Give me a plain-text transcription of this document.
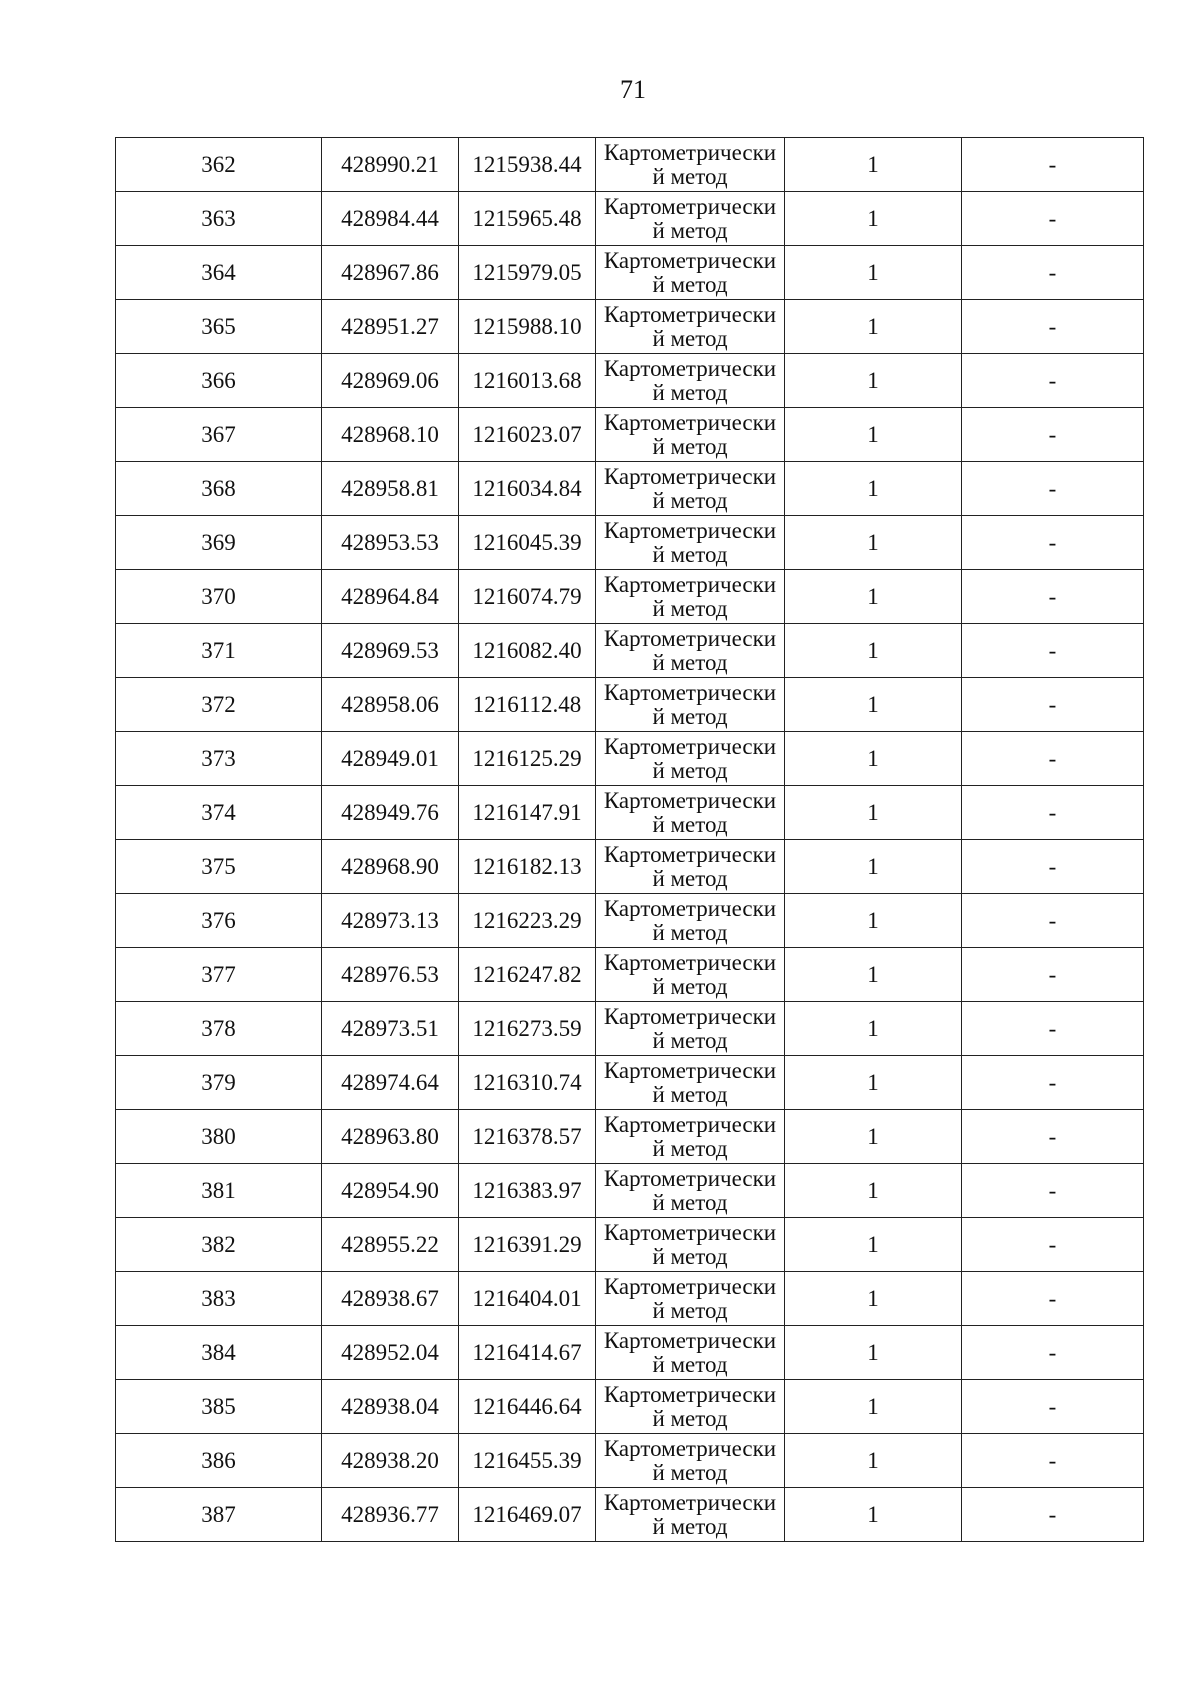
71
362	428990.21	1215938.44	Картометрически
й метод	1	-
363	428984.44	1215965.48	Картометрически
й метод	1	-
364	428967.86	1215979.05	Картометрически
й метод	1	-
365	428951.27	1215988.10	Картометрически
й метод	1	-
366	428969.06	1216013.68	Картометрически
й метод	1	-
367	428968.10	1216023.07	Картометрически
й метод	1	-
368	428958.81	1216034.84	Картометрически
й метод	1	-
369	428953.53	1216045.39	Картометрически
й метод	1	-
370	428964.84	1216074.79	Картометрически
й метод	1	-
371	428969.53	1216082.40	Картометрически
й метод	1	-
372	428958.06	1216112.48	Картометрически
й метод	1	-
373	428949.01	1216125.29	Картометрически
й метод	1	-
374	428949.76	1216147.91	Картометрически
й метод	1	-
375	428968.90	1216182.13	Картометрически
й метод	1	-
376	428973.13	1216223.29	Картометрически
й метод	1	-
377	428976.53	1216247.82	Картометрически
й метод	1	-
378	428973.51	1216273.59	Картометрически
й метод	1	-
379	428974.64	1216310.74	Картометрически
й метод	1	-
380	428963.80	1216378.57	Картометрически
й метод	1	-
381	428954.90	1216383.97	Картометрически
й метод	1	-
382	428955.22	1216391.29	Картометрически
й метод	1	-
383	428938.67	1216404.01	Картометрически
й метод	1	-
384	428952.04	1216414.67	Картометрически
й метод	1	-
385	428938.04	1216446.64	Картометрически
й метод	1	-
386	428938.20	1216455.39	Картометрически
й метод	1	-
387	428936.77	1216469.07	Картометрически
й метод	1	-
